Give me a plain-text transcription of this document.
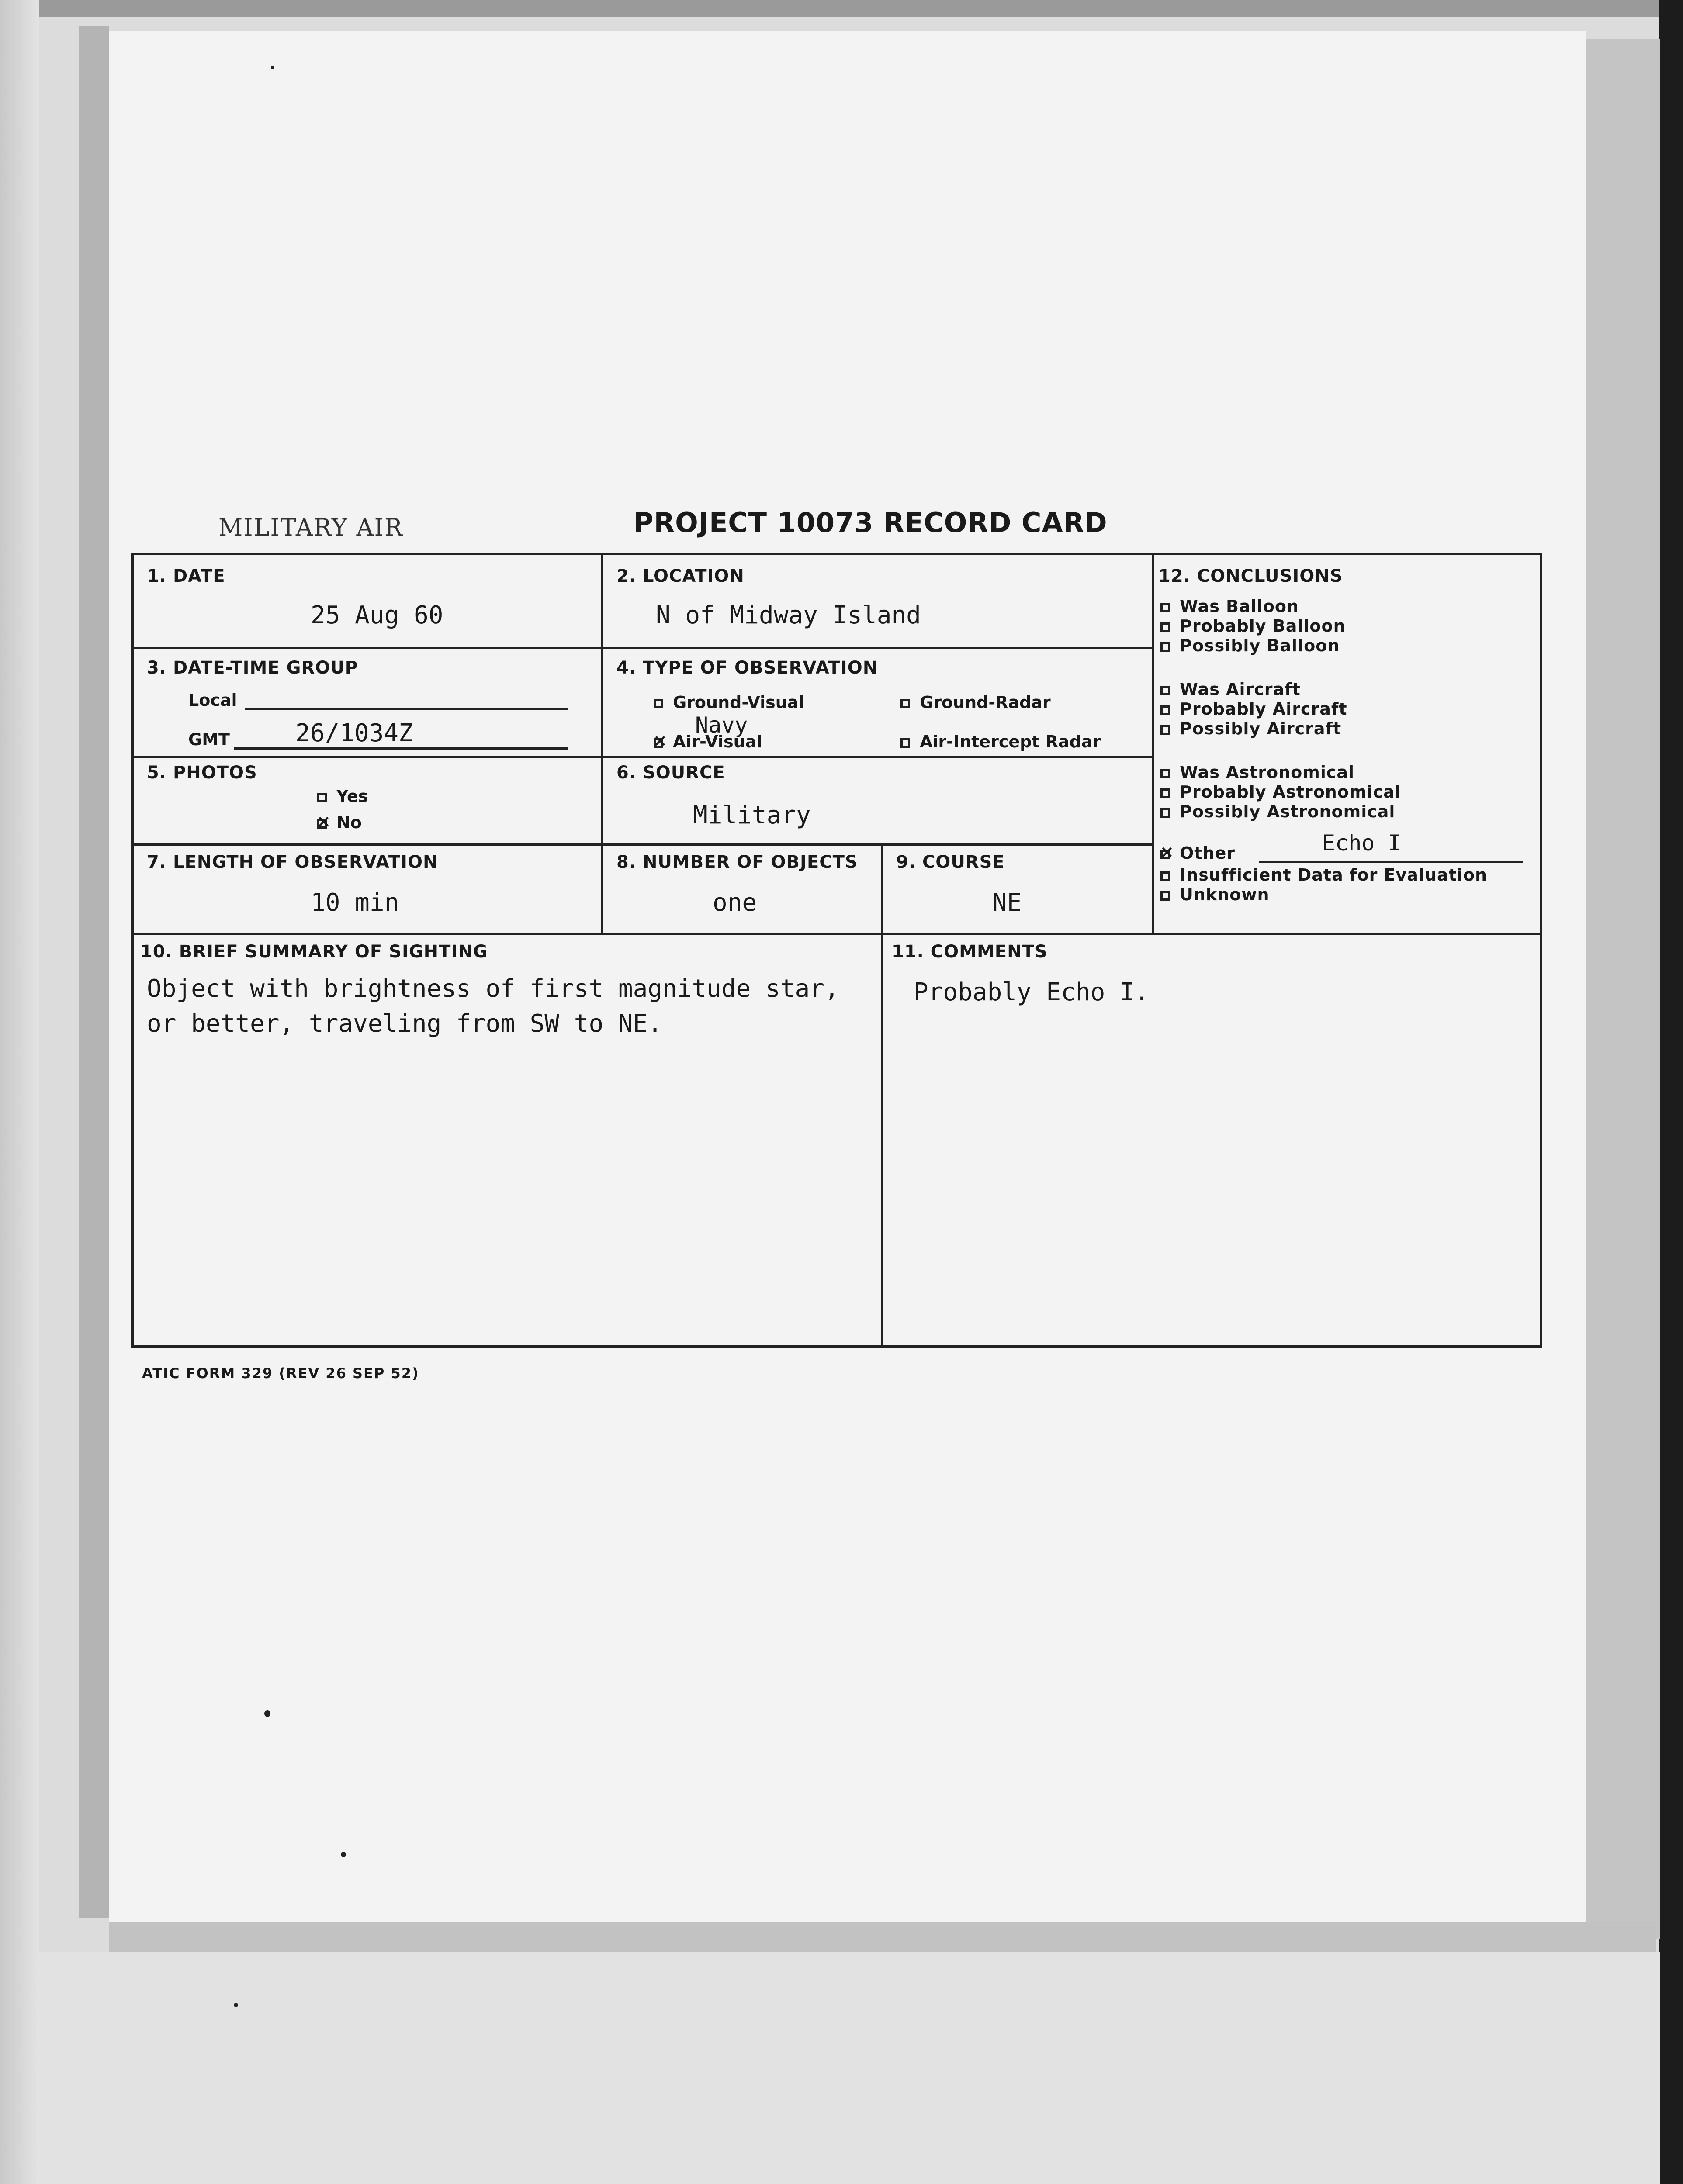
MILITARY AIR	PROJECT 10073 RECORD CARD
1. DATE
25 Aug 60
2. LOCATION
N of Midway Island
3. DATE-TIME GROUP
Local
GMT	26/1034Z
4. TYPE OF OBSERVATION
Ground-Visual
×Air-Visual
Navy
Ground-Radar
Air-Intercept Radar
5. PHOTOS
Yes
×No
6. SOURCE
Military
7. LENGTH OF OBSERVATION
10 min
8. NUMBER OF OBJECTS
one
9. COURSE
NE
10. BRIEF SUMMARY OF SIGHTING
Object with brightness of first magnitude star,
or better, traveling from SW to NE.
11. COMMENTS
Probably Echo I.
12. CONCLUSIONS
Was Balloon
Probably Balloon
Possibly Balloon
Was Aircraft
Probably Aircraft
Possibly Aircraft
Was Astronomical
Probably Astronomical
Possibly Astronomical
×Other	Echo I
Insufficient Data for Evaluation
Unknown
ATIC FORM 329 (REV 26 SEP 52)
